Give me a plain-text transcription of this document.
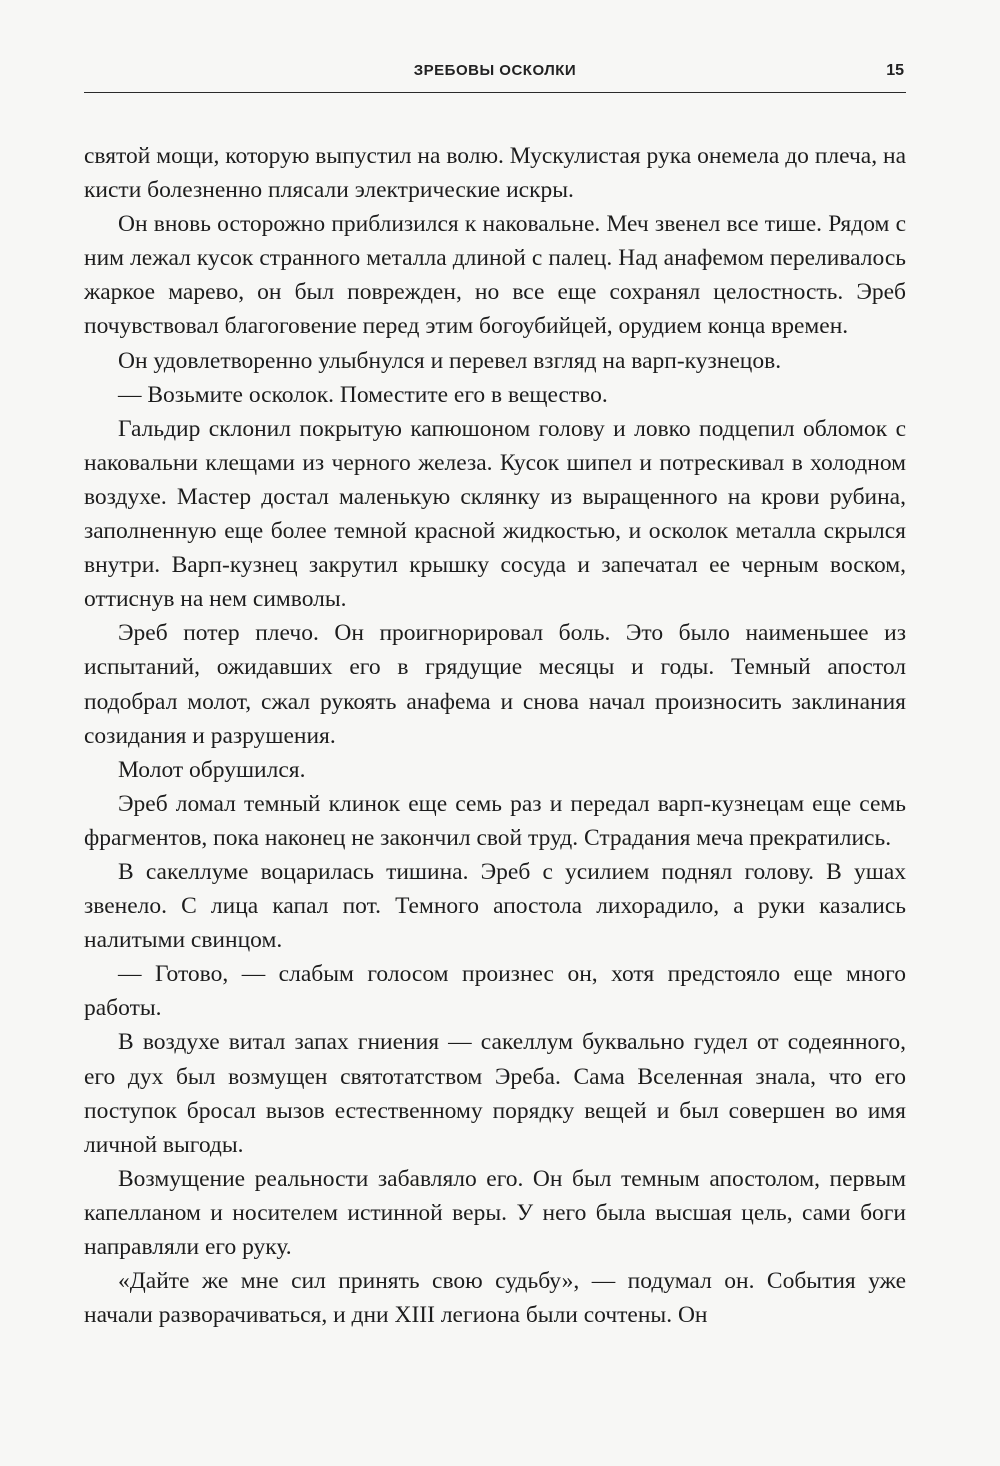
ЗРЕБОВЫ ОСКОЛКИ	15

святой мощи, которую выпустил на волю. Мускулистая рука онемела до плеча, на кисти болезненно плясали электрические искры.

Он вновь осторожно приблизился к наковальне. Меч звенел все тише. Рядом с ним лежал кусок странного металла длиной с палец. Над анафемом переливалось жаркое марево, он был поврежден, но все еще сохранял целостность. Эреб почувствовал благоговение перед этим богоубийцей, орудием конца времен.

Он удовлетворенно улыбнулся и перевел взгляд на варп-кузнецов.

— Возьмите осколок. Поместите его в вещество.

Гальдир склонил покрытую капюшоном голову и ловко подцепил обломок с наковальни клещами из черного железа. Кусок шипел и потрескивал в холодном воздухе. Мастер достал маленькую склянку из выращенного на крови рубина, заполненную еще более темной красной жидкостью, и осколок металла скрылся внутри. Варп-кузнец закрутил крышку сосуда и запечатал ее черным воском, оттиснув на нем символы.

Эреб потер плечо. Он проигнорировал боль. Это было наименьшее из испытаний, ожидавших его в грядущие месяцы и годы. Темный апостол подобрал молот, сжал рукоять анафема и снова начал произносить заклинания созидания и разрушения.

Молот обрушился.

Эреб ломал темный клинок еще семь раз и передал варп-кузнецам еще семь фрагментов, пока наконец не закончил свой труд. Страдания меча прекратились.

В сакеллуме воцарилась тишина. Эреб с усилием поднял голову. В ушах звенело. С лица капал пот. Темного апостола лихорадило, а руки казались налитыми свинцом.

— Готово, — слабым голосом произнес он, хотя предстояло еще много работы.

В воздухе витал запах гниения — сакеллум буквально гудел от содеянного, его дух был возмущен святотатством Эреба. Сама Вселенная знала, что его поступок бросал вызов естественному порядку вещей и был совершен во имя личной выгоды.

Возмущение реальности забавляло его. Он был темным апостолом, первым капелланом и носителем истинной веры. У него была высшая цель, сами боги направляли его руку.

«Дайте же мне сил принять свою судьбу», — подумал он. События уже начали разворачиваться, и дни XIII легиона были сочтены. Он
